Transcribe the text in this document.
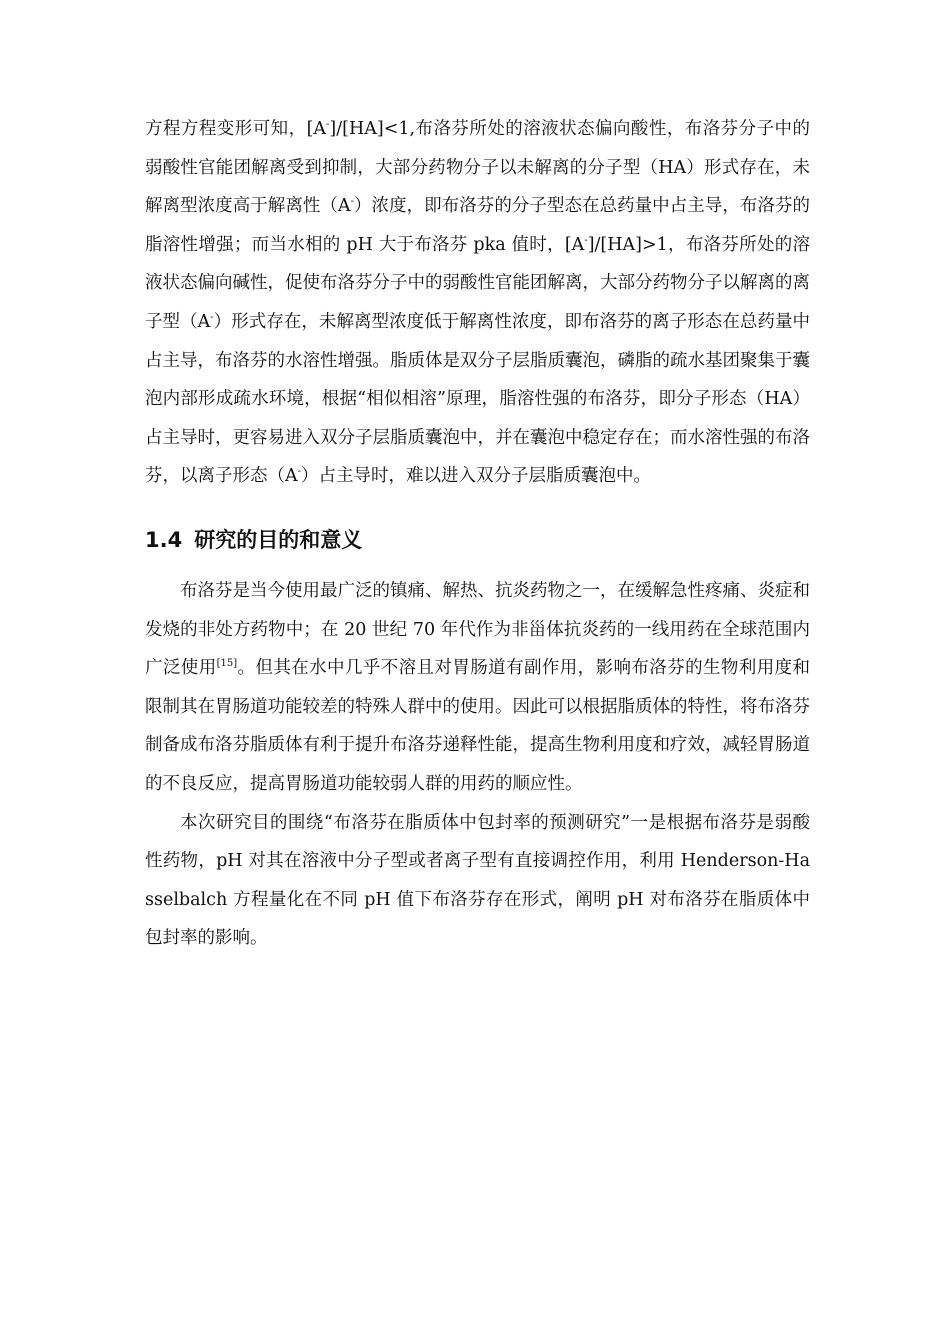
方程方程变形可知，[A-]/[HA]<1,布洛芬所处的溶液状态偏向酸性，布洛芬分子中的弱酸性官能团解离受到抑制，大部分药物分子以未解离的分子型（HA）形式存在，未解离型浓度高于解离性（A-）浓度，即布洛芬的分子型态在总药量中占主导，布洛芬的脂溶性增强；而当水相的 pH 大于布洛芬 pka 值时，[A-]/[HA]>1，布洛芬所处的溶液状态偏向碱性，促使布洛芬分子中的弱酸性官能团解离，大部分药物分子以解离的离子型（A-）形式存在，未解离型浓度低于解离性浓度，即布洛芬的离子形态在总药量中占主导，布洛芬的水溶性增强。脂质体是双分子层脂质囊泡，磷脂的疏水基团聚集于囊泡内部形成疏水环境，根据“相似相溶”原理，脂溶性强的布洛芬，即分子形态（HA）占主导时，更容易进入双分子层脂质囊泡中，并在囊泡中稳定存在；而水溶性强的布洛芬，以离子形态（A-）占主导时，难以进入双分子层脂质囊泡中。

1.4 研究的目的和意义

布洛芬是当今使用最广泛的镇痛、解热、抗炎药物之一，在缓解急性疼痛、炎症和发烧的非处方药物中；在 20 世纪 70 年代作为非甾体抗炎药的一线用药在全球范围内广泛使用[15]。但其在水中几乎不溶且对胃肠道有副作用，影响布洛芬的生物利用度和限制其在胃肠道功能较差的特殊人群中的使用。因此可以根据脂质体的特性，将布洛芬制备成布洛芬脂质体有利于提升布洛芬递释性能，提高生物利用度和疗效，减轻胃肠道的不良反应，提高胃肠道功能较弱人群的用药的顺应性。

本次研究目的围绕“布洛芬在脂质体中包封率的预测研究”一是根据布洛芬是弱酸性药物，pH 对其在溶液中分子型或者离子型有直接调控作用，利用 Henderson-Hasselbalch 方程量化在不同 pH 值下布洛芬存在形式，阐明 pH 对布洛芬在脂质体中包封率的影响。
